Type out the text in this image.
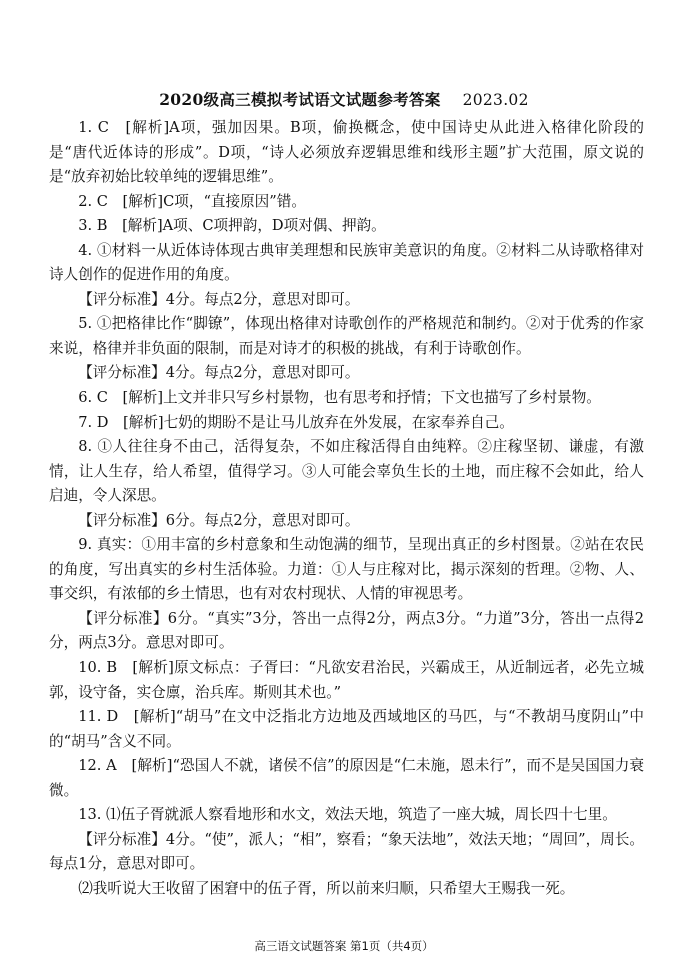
2020级高三模拟考试语文试题参考答案 2023.02

1. C　[解析]A项，强加因果。B项，偷换概念，使中国诗史从此进入格律化阶段的是“唐代近体诗的形成”。D项，“诗人必须放弃逻辑思维和线形主题”扩大范围，原文说的是“放弃初始比较单纯的逻辑思维”。

2. C　[解析]C项，“直接原因”错。

3. B　[解析]A项、C项押韵，D项对偶、押韵。

4. ①材料一从近体诗体现古典审美理想和民族审美意识的角度。②材料二从诗歌格律对诗人创作的促进作用的角度。

【评分标准】4分。每点2分，意思对即可。

5. ①把格律比作“脚镣”，体现出格律对诗歌创作的严格规范和制约。②对于优秀的作家来说，格律并非负面的限制，而是对诗才的积极的挑战，有利于诗歌创作。

【评分标准】4分。每点2分，意思对即可。

6. C　[解析]上文并非只写乡村景物，也有思考和抒情；下文也描写了乡村景物。

7. D　[解析]七奶的期盼不是让马儿放弃在外发展，在家奉养自己。

8. ①人往往身不由己，活得复杂，不如庄稼活得自由纯粹。②庄稼坚韧、谦虚，有激情，让人生存，给人希望，值得学习。③人可能会辜负生长的土地，而庄稼不会如此，给人启迪，令人深思。

【评分标准】6分。每点2分，意思对即可。

9. 真实：①用丰富的乡村意象和生动饱满的细节，呈现出真正的乡村图景。②站在农民的角度，写出真实的乡村生活体验。力道：①人与庄稼对比，揭示深刻的哲理。②物、人、事交织，有浓郁的乡土情思，也有对农村现状、人情的审视思考。

【评分标准】6分。“真实”3分，答出一点得2分，两点3分。“力道”3分，答出一点得2分，两点3分。意思对即可。

10. B　[解析]原文标点：子胥曰：“凡欲安君治民，兴霸成王，从近制远者，必先立城郭，设守备，实仓廪，治兵库。斯则其术也。”

11. D　[解析]“胡马”在文中泛指北方边地及西域地区的马匹，与“不教胡马度阴山”中的“胡马”含义不同。

12. A　[解析]“恐国人不就，诸侯不信”的原因是“仁未施，恩未行”，而不是吴国国力衰微。

13. ⑴伍子胥就派人察看地形和水文，效法天地，筑造了一座大城，周长四十七里。

【评分标准】4分。“使”，派人；“相”，察看；“象天法地”，效法天地；“周回”，周长。每点1分，意思对即可。

⑵我听说大王收留了困窘中的伍子胥，所以前来归顺，只希望大王赐我一死。

高三语文试题答案 第1页（共4页）
